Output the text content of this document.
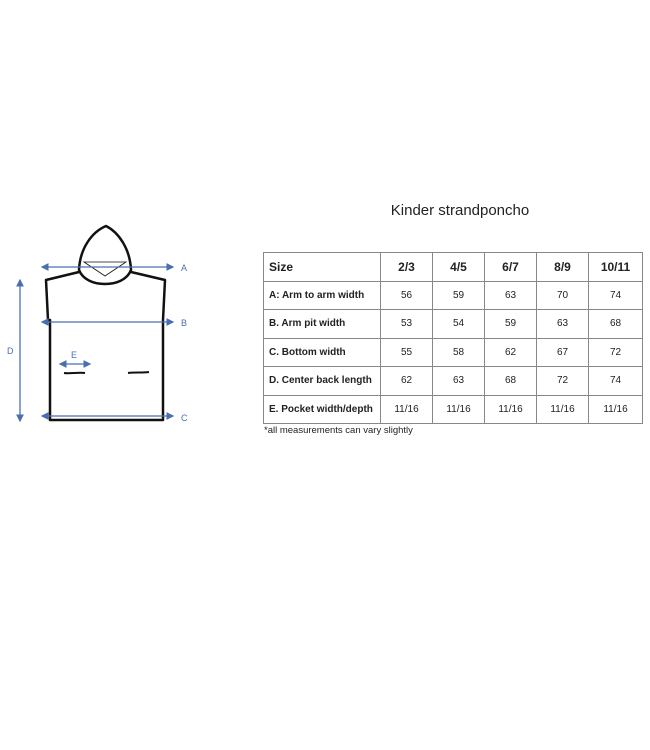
A
B
C
D	E
Kinder strandponcho
Size	2/3	4/5	6/7	8/9	10/11
A: Arm to arm width	56	59	63	70	74
B. Arm pit width	53	54	59	63	68
C. Bottom width	55	58	62	67	72
D. Center back length	62	63	68	72	74
E. Pocket width/depth	11/16	11/16	11/16	11/16	11/16
*all measurements can vary slightly
